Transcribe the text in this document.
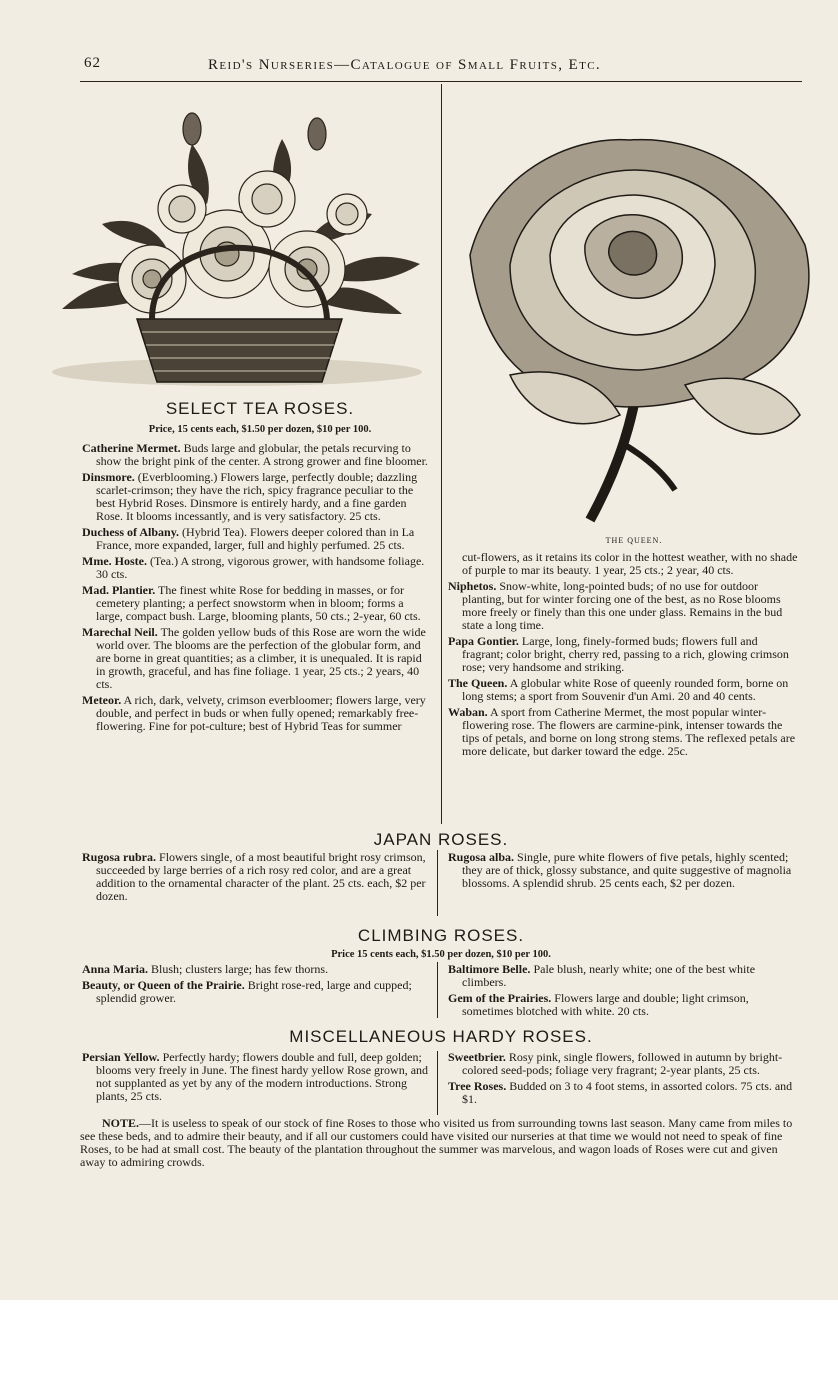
62	Reid's Nurseries—Catalogue of Small Fruits, Etc.
THE QUEEN.
SELECT TEA ROSES.
Price, 15 cents each, $1.50 per dozen, $10 per 100.

Catherine Mermet. Buds large and globular, the petals recurving to show the bright pink of the center. A strong grower and fine bloomer.

Dinsmore. (Everblooming.) Flowers large, perfectly double; dazzling scarlet-crimson; they have the rich, spicy fragrance peculiar to the best Hybrid Roses. Dinsmore is entirely hardy, and a fine garden Rose. It blooms incessantly, and is very satisfactory. 25 cts.

Duchess of Albany. (Hybrid Tea). Flowers deeper colored than in La France, more expanded, larger, full and highly perfumed. 25 cts.

Mme. Hoste. (Tea.) A strong, vigorous grower, with handsome foliage. 30 cts.

Mad. Plantier. The finest white Rose for bedding in masses, or for cemetery planting; a perfect snowstorm when in bloom; forms a large, compact bush. Large, blooming plants, 50 cts.; 2-year, 60 cts.

Marechal Neil. The golden yellow buds of this Rose are worn the wide world over. The blooms are the perfection of the globular form, and are borne in great quantities; as a climber, it is unequaled. It is rapid in growth, graceful, and has fine foliage. 1 year, 25 cts.; 2 years, 40 cts.

Meteor. A rich, dark, velvety, crimson everbloomer; flowers large, very double, and perfect in buds or when fully opened; remarkably free-flowering. Fine for pot-culture; best of Hybrid Teas for summer

cut-flowers, as it retains its color in the hottest weather, with no shade of purple to mar its beauty. 1 year, 25 cts.; 2 year, 40 cts.

Niphetos. Snow-white, long-pointed buds; of no use for outdoor planting, but for winter forcing one of the best, as no Rose blooms more freely or finely than this one under glass. Remains in the bud state a long time.

Papa Gontier. Large, long, finely-formed buds; flowers full and fragrant; color bright, cherry red, passing to a rich, glowing crimson rose; very handsome and striking.

The Queen. A globular white Rose of queenly rounded form, borne on long stems; a sport from Souvenir d'un Ami. 20 and 40 cents.

Waban. A sport from Catherine Mermet, the most popular winter-flowering rose. The flowers are carmine-pink, intenser towards the tips of petals, and borne on long strong stems. The reflexed petals are more delicate, but darker toward the edge. 25c.

JAPAN ROSES.

Rugosa rubra. Flowers single, of a most beautiful bright rosy crimson, succeeded by large berries of a rich rosy red color, and are a great addition to the ornamental character of the plant. 25 cts. each, $2 per dozen.

Rugosa alba. Single, pure white flowers of five petals, highly scented; they are of thick, glossy substance, and quite suggestive of magnolia blossoms. A splendid shrub. 25 cents each, $2 per dozen.

CLIMBING ROSES.
Price 15 cents each, $1.50 per dozen, $10 per 100.

Anna Maria. Blush; clusters large; has few thorns.

Beauty, or Queen of the Prairie. Bright rose-red, large and cupped; splendid grower.

Baltimore Belle. Pale blush, nearly white; one of the best white climbers.

Gem of the Prairies. Flowers large and double; light crimson, sometimes blotched with white. 20 cts.

MISCELLANEOUS HARDY ROSES.

Persian Yellow. Perfectly hardy; flowers double and full, deep golden; blooms very freely in June. The finest hardy yellow Rose grown, and not supplanted as yet by any of the modern introductions. Strong plants, 25 cts.

Sweetbrier. Rosy pink, single flowers, followed in autumn by bright-colored seed-pods; foliage very fragrant; 2-year plants, 25 cts.

Tree Roses. Budded on 3 to 4 foot stems, in assorted colors. 75 cts. and $1.

NOTE.—It is useless to speak of our stock of fine Roses to those who visited us from surrounding towns last season. Many came from miles to see these beds, and to admire their beauty, and if all our customers could have visited our nurseries at that time we would not need to speak of fine Roses, to be had at small cost. The beauty of the plantation throughout the summer was marvelous, and wagon loads of Roses were cut and given away to admiring crowds.
